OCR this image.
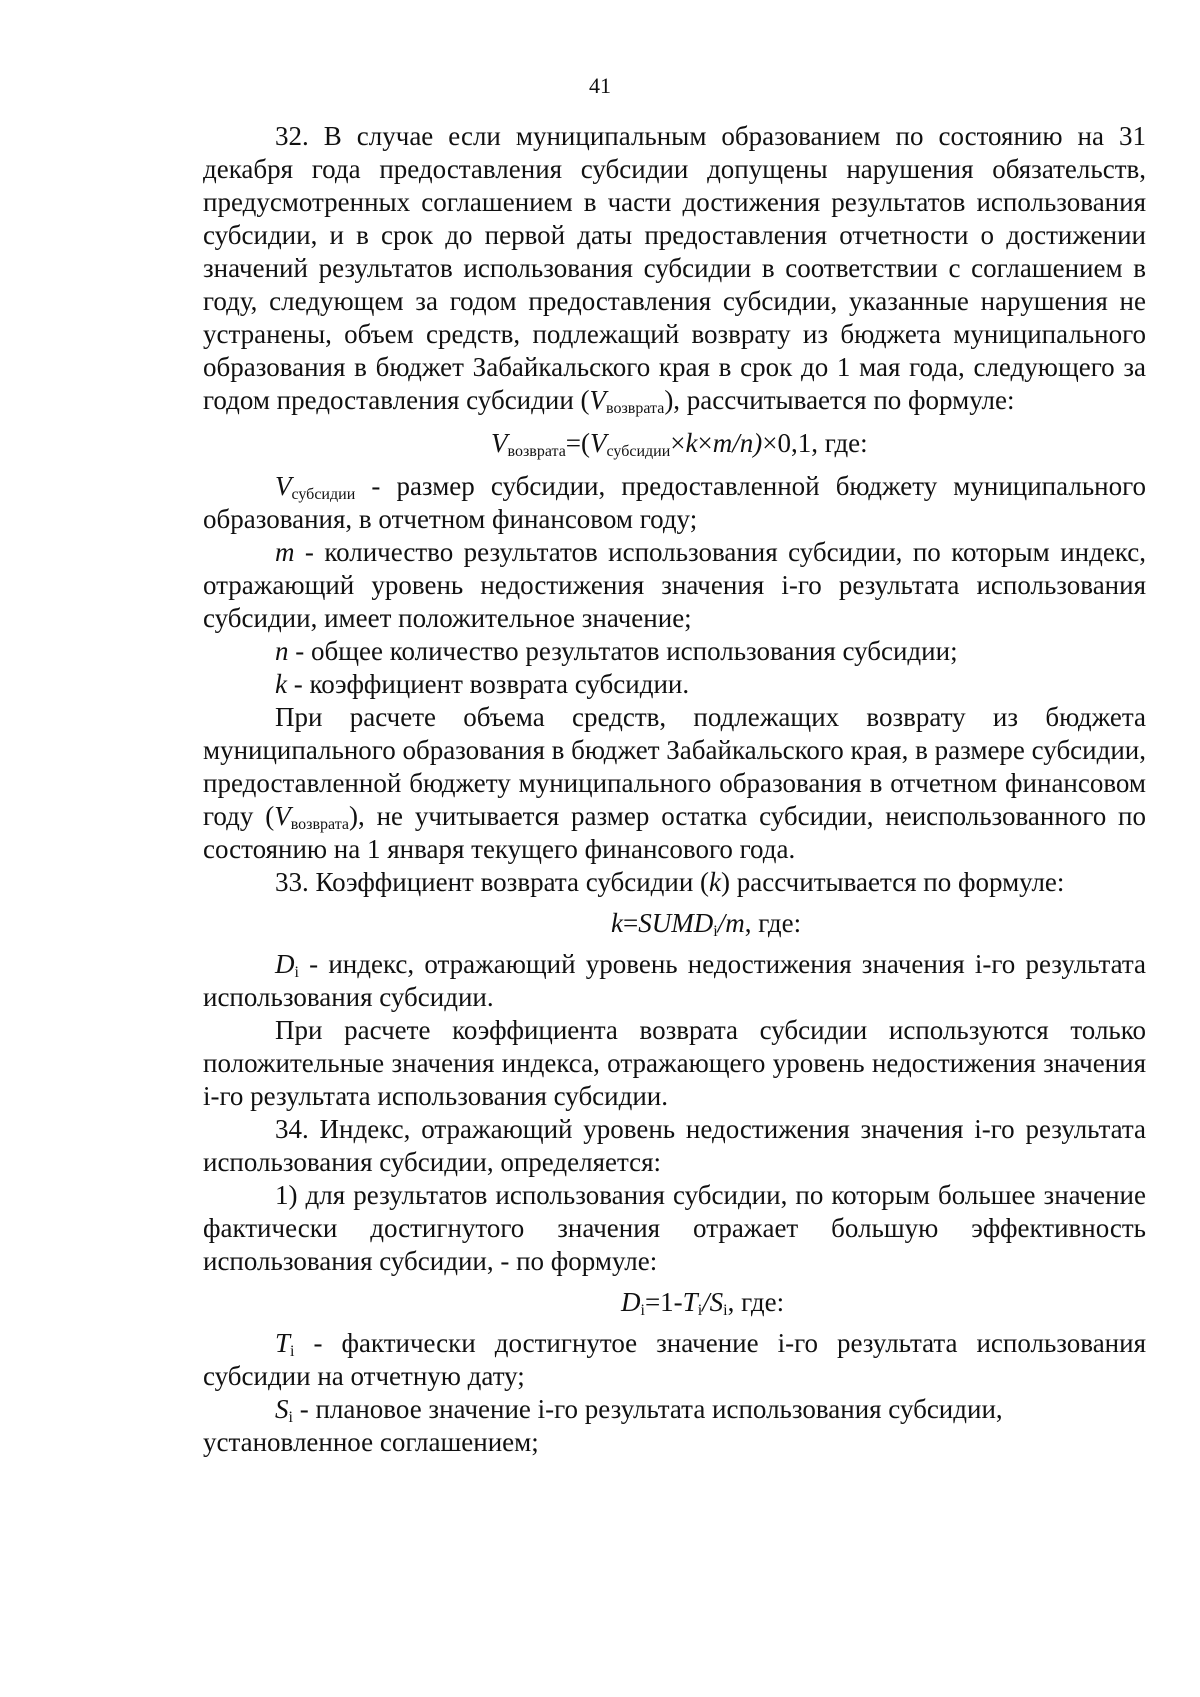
41

32. В случае если муниципальным образованием по состоянию на 31 декабря года предоставления субсидии допущены нарушения обязательств, предусмотренных соглашением в части достижения результатов использования субсидии, и в срок до первой даты предоставления отчетности о достижении значений результатов использования субсидии в соответствии с соглашением в году, следующем за годом предоставления субсидии, указанные нарушения не устранены, объем средств, подлежащий возврату из бюджета муниципального образования в бюджет Забайкальского края в срок до 1 мая года, следующего за годом предоставления субсидии $(V_{возврата})$, рассчитывается по формуле:

$V_{возврата}=(V_{субсидии}\times k\times m/n)\times 0,1$, где:

$V_{субсидии}$ - размер субсидии, предоставленной бюджету муниципального образования, в отчетном финансовом году;

m - количество результатов использования субсидии, по которым индекс, отражающий уровень недостижения значения i-го результата использования субсидии, имеет положительное значение;

n - общее количество результатов использования субсидии;

k - коэффициент возврата субсидии.

При расчете объема средств, подлежащих возврату из бюджета муниципального образования в бюджет Забайкальского края, в размере субсидии, предоставленной бюджету муниципального образования в отчетном финансовом году $(V_{возврата})$, не учитывается размер остатка субсидии, неиспользованного по состоянию на 1 января текущего финансового года.

33. Коэффициент возврата субсидии (k) рассчитывается по формуле:

$k=SUMD_i/m$, где:

$D_i$ - индекс, отражающий уровень недостижения значения i-го результата использования субсидии.

При расчете коэффициента возврата субсидии используются только положительные значения индекса, отражающего уровень недостижения значения i-го результата использования субсидии.

34. Индекс, отражающий уровень недостижения значения i-го результата использования субсидии, определяется:

1) для результатов использования субсидии, по которым большее значение фактически достигнутого значения отражает большую эффективность использования субсидии, - по формуле:

$D_i=1-T_i/S_i$, где:

$T_i$ - фактически достигнутое значение i-го результата использования субсидии на отчетную дату;

$S_i$ - плановое значение i-го результата использования субсидии, установленное соглашением;
